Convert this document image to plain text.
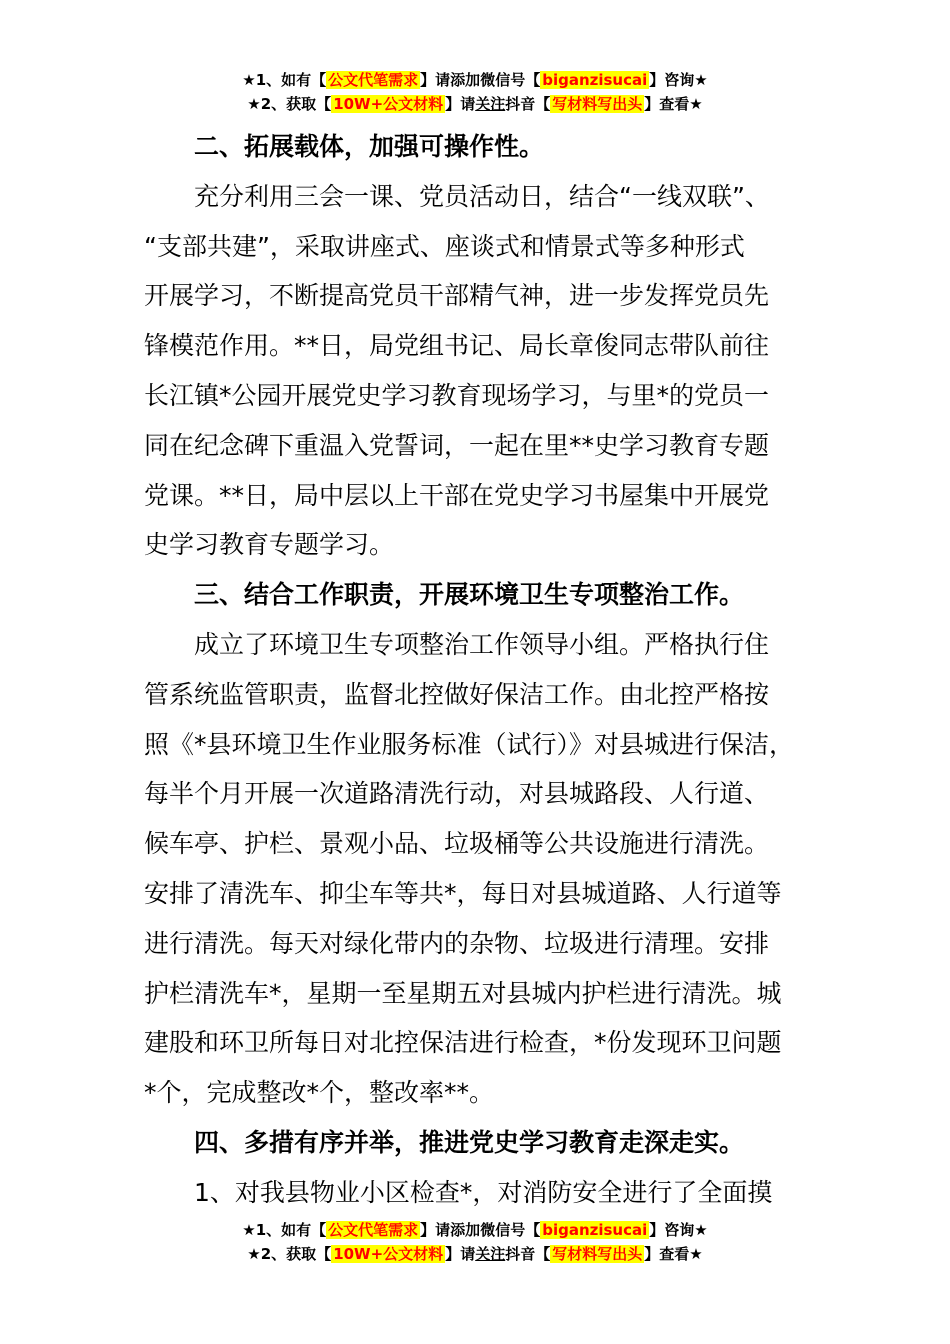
★1、如有【 公文代笔需求 】请添加微信号【 biganzisucai 】咨询★
★2、获取【 10W+公文材料 】请关注抖音【 写材料写出头 】查看★
二、拓展载体，加强可操作性。
充分利用三会一课、党员活动日，结合“一线双联”、
“支部共建”，采取讲座式、座谈式和情景式等多种形式
开展学习，不断提高党员干部精气神，进一步发挥党员先
锋模范作用。**日，局党组书记、局长章俊同志带队前往
长江镇*公园开展党史学习教育现场学习，与里*的党员一
同在纪念碑下重温入党誓词，一起在里**史学习教育专题
党课。**日，局中层以上干部在党史学习书屋集中开展党
史学习教育专题学习。
三、结合工作职责，开展环境卫生专项整治工作。
成立了环境卫生专项整治工作领导小组。严格执行住
管系统监管职责，监督北控做好保洁工作。由北控严格按
照《*县环境卫生作业服务标准（试行）》对县城进行保洁，
每半个月开展一次道路清洗行动，对县城路段、人行道、
候车亭、护栏、景观小品、垃圾桶等公共设施进行清洗。
安排了清洗车、抑尘车等共*，每日对县城道路、人行道等
进行清洗。每天对绿化带内的杂物、垃圾进行清理。安排
护栏清洗车*，星期一至星期五对县城内护栏进行清洗。城
建股和环卫所每日对北控保洁进行检查，*份发现环卫问题
*个，完成整改*个，整改率**。
四、多措有序并举，推进党史学习教育走深走实。
1、对我县物业小区检查*，对消防安全进行了全面摸
★1、如有【 公文代笔需求 】请添加微信号【 biganzisucai 】咨询★
★2、获取【 10W+公文材料 】请关注抖音【 写材料写出头 】查看★
